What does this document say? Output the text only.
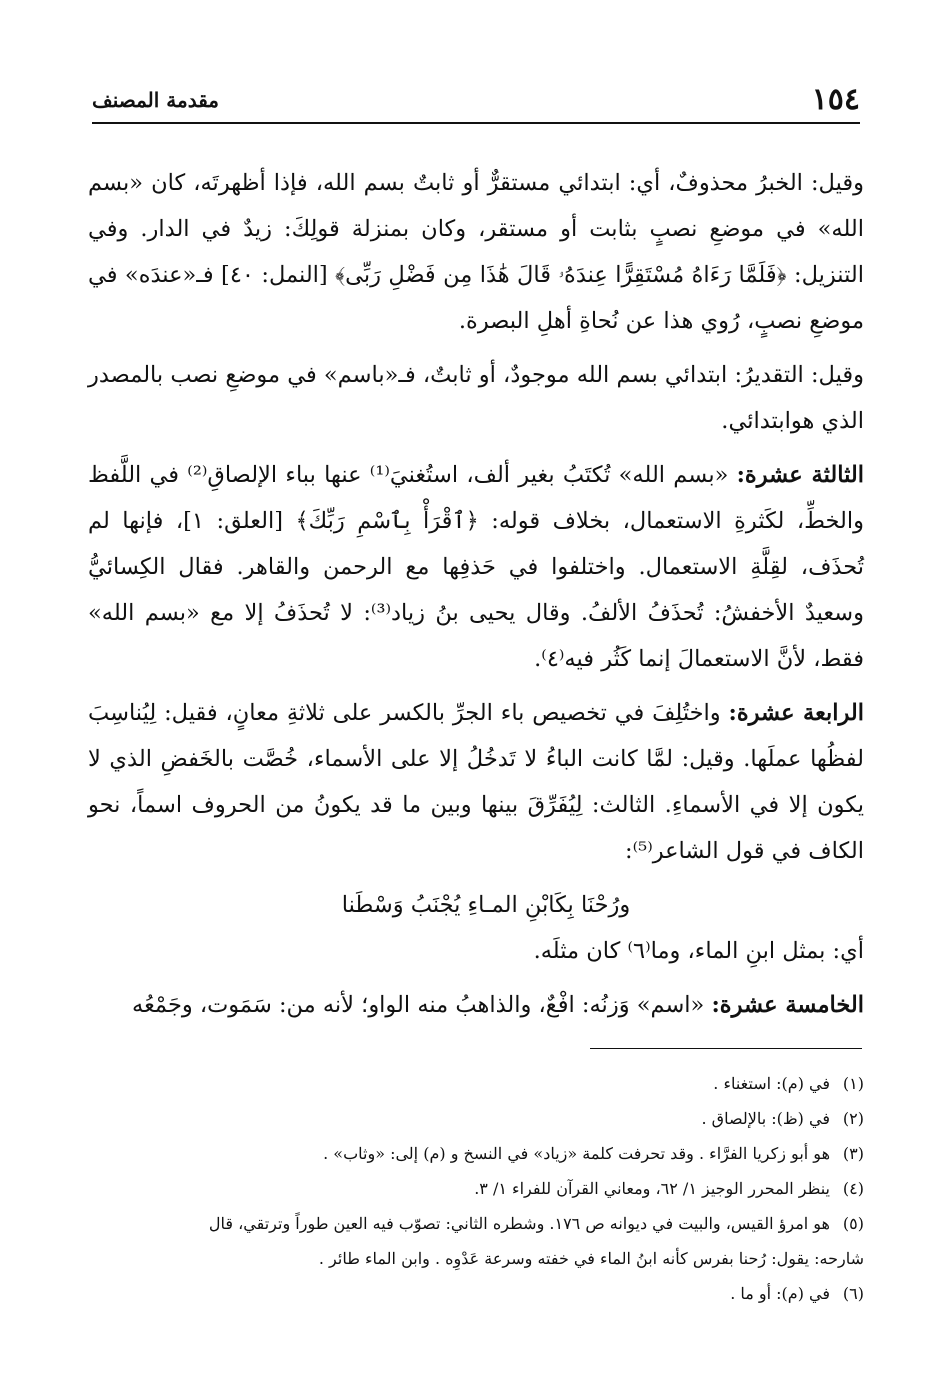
١٥٤
مقدمة المصنف

وقيل: الخبرُ محذوفٌ، أي: ابتدائي مستقرٌّ أو ثابتٌ بسم الله، فإذا أظهرتَه، كان «بسم الله» في موضعِ نصبٍ بثابت أو مستقر، وكان بمنزلة قولِكَ: زيدٌ في الدار. وفي التنزيل: ﴿فَلَمَّا رَءَاهُ مُسْتَقِرًّا عِندَهُۥ قَالَ هَٰذَا مِن فَضْلِ رَبِّى﴾ [النمل: ٤٠] فـ«عندَه» في موضعِ نصبٍ، رُوي هذا عن نُحاةِ أهلِ البصرة.

وقيل: التقديرُ: ابتدائي بسم الله موجودٌ، أو ثابتٌ، فـ«باسم» في موضعِ نصب بالمصدر الذي هوابتدائي.

الثالثة عشرة: «بسم الله» تُكتَبُ بغير ألف، استُغنيَ⁽¹⁾ عنها بباء الإلصاقِ⁽²⁾ في اللَّفظ والخطِّ، لكَثرةِ الاستعمال، بخلاف قوله: ﴿ٱقْرَأْ بِٱسْمِ رَبِّكَ﴾ [العلق: ١]، فإنها لم تُحذَف، لقِلَّةِ الاستعمال. واختلفوا في حَذفِها مع الرحمن والقاهر. فقال الكِسائيُّ وسعيدٌ الأخفشُ: تُحذَفُ الألفُ. وقال يحيى بنُ زياد⁽³⁾: لا تُحذَفُ إلا مع «بسم الله» فقط، لأنَّ الاستعمالَ إنما كَثُر فيه⁽٤⁾.

الرابعة عشرة: واختُلِفَ في تخصيص باء الجرِّ بالكسر على ثلاثةِ معانٍ، فقيل: لِيُناسِبَ لفظُها عملَها. وقيل: لمَّا كانت الباءُ لا تَدخُلُ إلا على الأسماء، خُصَّت بالخَفضِ الذي لا يكون إلا في الأسماءِ. الثالث: لِيُفَرِّقَ بينها وبين ما قد يكونُ من الحروف اسماً، نحو الكاف في قول الشاعر⁽⁵⁾:

ورُحْنَا بِكَابْنِ المـاءِ يُجْنَبُ وَسْطَنا

أي: بمثل ابنِ الماء، وما⁽٦⁾ كان مثلَه.

الخامسة عشرة: «اسم» وَزنُه: افْعٌ، والذاهبُ منه الواو؛ لأنه من: سَمَوت، وجَمْعُه

(١)في (م): استغناء .

(٢)في (ظ): بالإلصاق .

(٣)هو أبو زكريا الفرَّاء . وقد تحرفت كلمة «زياد» في النسخ و (م) إلى: «وثاب» .

(٤)ينظر المحرر الوجيز ١/ ٦٢، ومعاني القرآن للفراء ١/ ٣.

(٥)هو امرؤ القيس، والبيت في ديوانه ص ١٧٦. وشطره الثاني: تصوّب فيه العين طوراً وترتقي، قال

شارحه: يقول: رُحنا بفرس كأنه ابنُ الماء في خفته وسرعة عَدْوِه . وابن الماء طائر .

(٦)في (م): أو ما .
